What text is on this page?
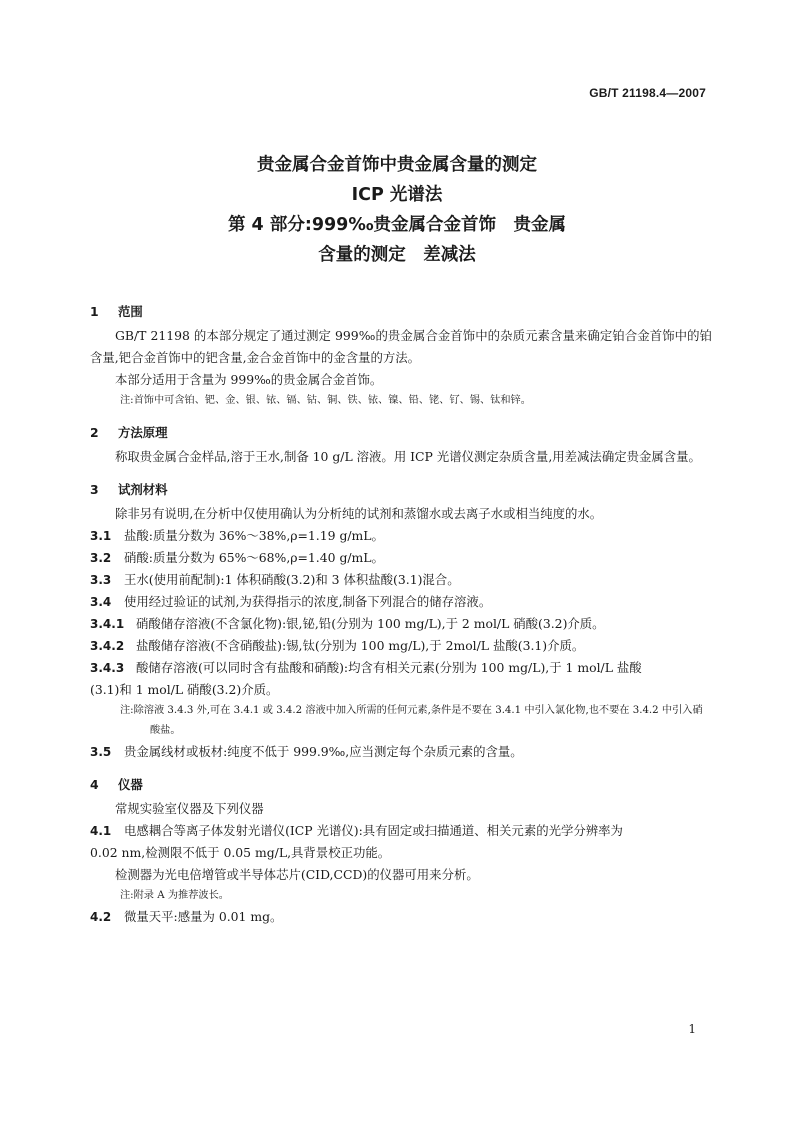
GB/T 21198.4—2007
贵金属合金首饰中贵金属含量的测定
ICP 光谱法
第 4 部分:999‰贵金属合金首饰　贵金属
含量的测定　差减法
1	范围
GB/T 21198 的本部分规定了通过测定 999‰的贵金属合金首饰中的杂质元素含量来确定铂合金首饰中的铂含量,钯合金首饰中的钯含量,金合金首饰中的金含量的方法。
本部分适用于含量为 999‰的贵金属合金首饰。
注:首饰中可含铂、钯、金、银、铱、镉、钴、铜、铁、铱、镍、铅、铑、钌、锡、钛和锌。
2	方法原理
称取贵金属合金样品,溶于王水,制备 10 g/L 溶液。用 ICP 光谱仪测定杂质含量,用差减法确定贵金属含量。
3	试剂材料
除非另有说明,在分析中仅使用确认为分析纯的试剂和蒸馏水或去离子水或相当纯度的水。
3.1	盐酸:质量分数为 36%～38%,ρ=1.19 g/mL。
3.2	硝酸:质量分数为 65%～68%,ρ=1.40 g/mL。
3.3	王水(使用前配制):1 体积硝酸(3.2)和 3 体积盐酸(3.1)混合。
3.4	使用经过验证的试剂,为获得指示的浓度,制备下列混合的储存溶液。
3.4.1 硝酸储存溶液(不含氯化物):银,铋,铅(分别为 100 mg/L),于 2 mol/L 硝酸(3.2)介质。
3.4.2 盐酸储存溶液(不含硝酸盐):锡,钛(分别为 100 mg/L),于 2mol/L 盐酸(3.1)介质。
3.4.3 酸储存溶液(可以同时含有盐酸和硝酸):均含有相关元素(分别为 100 mg/L),于 1 mol/L 盐酸
(3.1)和 1 mol/L 硝酸(3.2)介质。
注:除溶液 3.4.3 外,可在 3.4.1 或 3.4.2 溶液中加入所需的任何元素,条件是不要在 3.4.1 中引入氯化物,也不要在 3.4.2 中引入硝酸盐。
3.5	贵金属线材或板材:纯度不低于 999.9‰,应当测定每个杂质元素的含量。
4	仪器
常规实验室仪器及下列仪器
4.1	电感耦合等离子体发射光谱仪(ICP 光谱仪):具有固定或扫描通道、相关元素的光学分辨率为
0.02 nm,检测限不低于 0.05 mg/L,具背景校正功能。
检测器为光电倍增管或半导体芯片(CID,CCD)的仪器可用来分析。
注:附录 A 为推荐波长。
4.2	微量天平:感量为 0.01 mg。
1
